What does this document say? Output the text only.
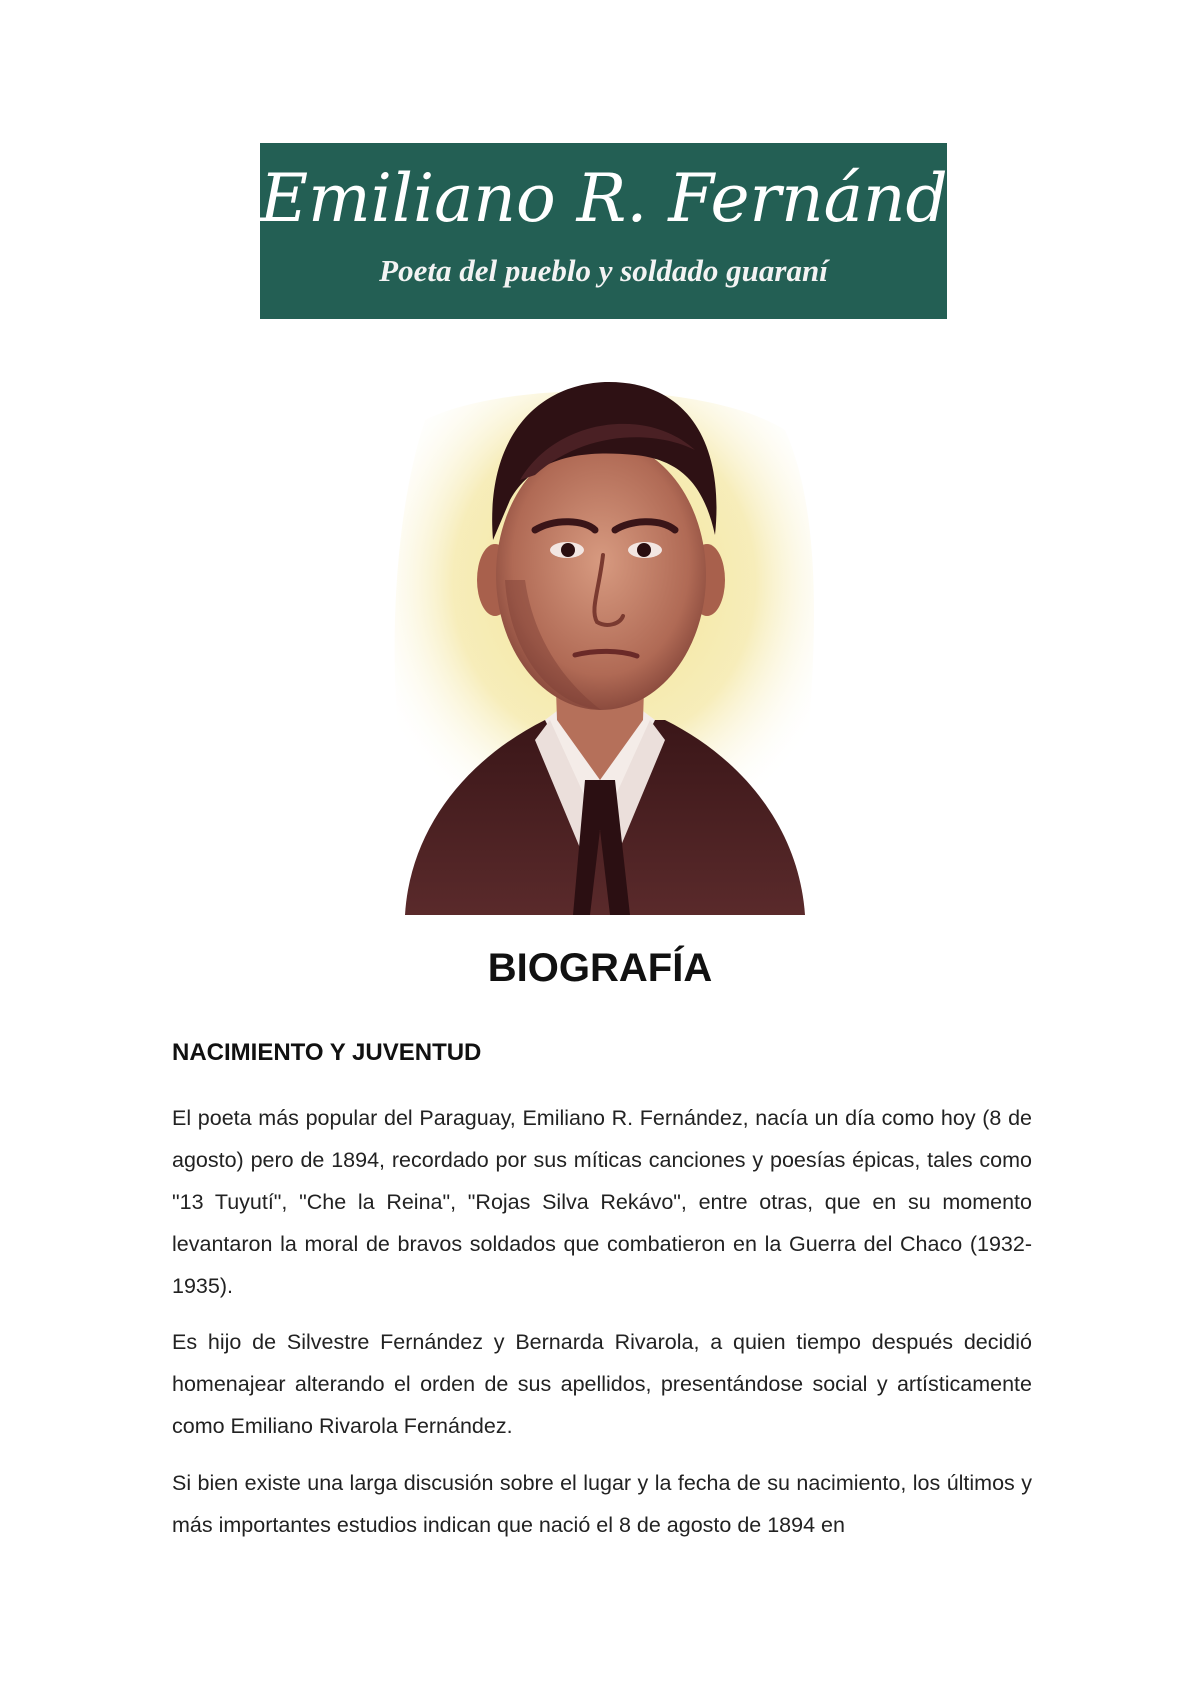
Emiliano R. Fernández
Poeta del pueblo y soldado guaraní
BIOGRAFÍA
NACIMIENTO Y JUVENTUD

El poeta más popular del Paraguay, Emiliano R. Fernández, nacía un día como hoy (8 de agosto) pero de 1894, recordado por sus míticas canciones y poesías épicas, tales como "13 Tuyutí", "Che la Reina", "Rojas Silva Rekávo", entre otras, que en su momento levantaron la moral de bravos soldados que combatieron en la Guerra del Chaco (1932-1935).

Es hijo de Silvestre Fernández y Bernarda Rivarola, a quien tiempo después decidió homenajear alterando el orden de sus apellidos, presentándose social y artísticamente como Emiliano Rivarola Fernández.

Si bien existe una larga discusión sobre el lugar y la fecha de su nacimiento, los últimos y más importantes estudios indican que nació el 8 de agosto de 1894 en
